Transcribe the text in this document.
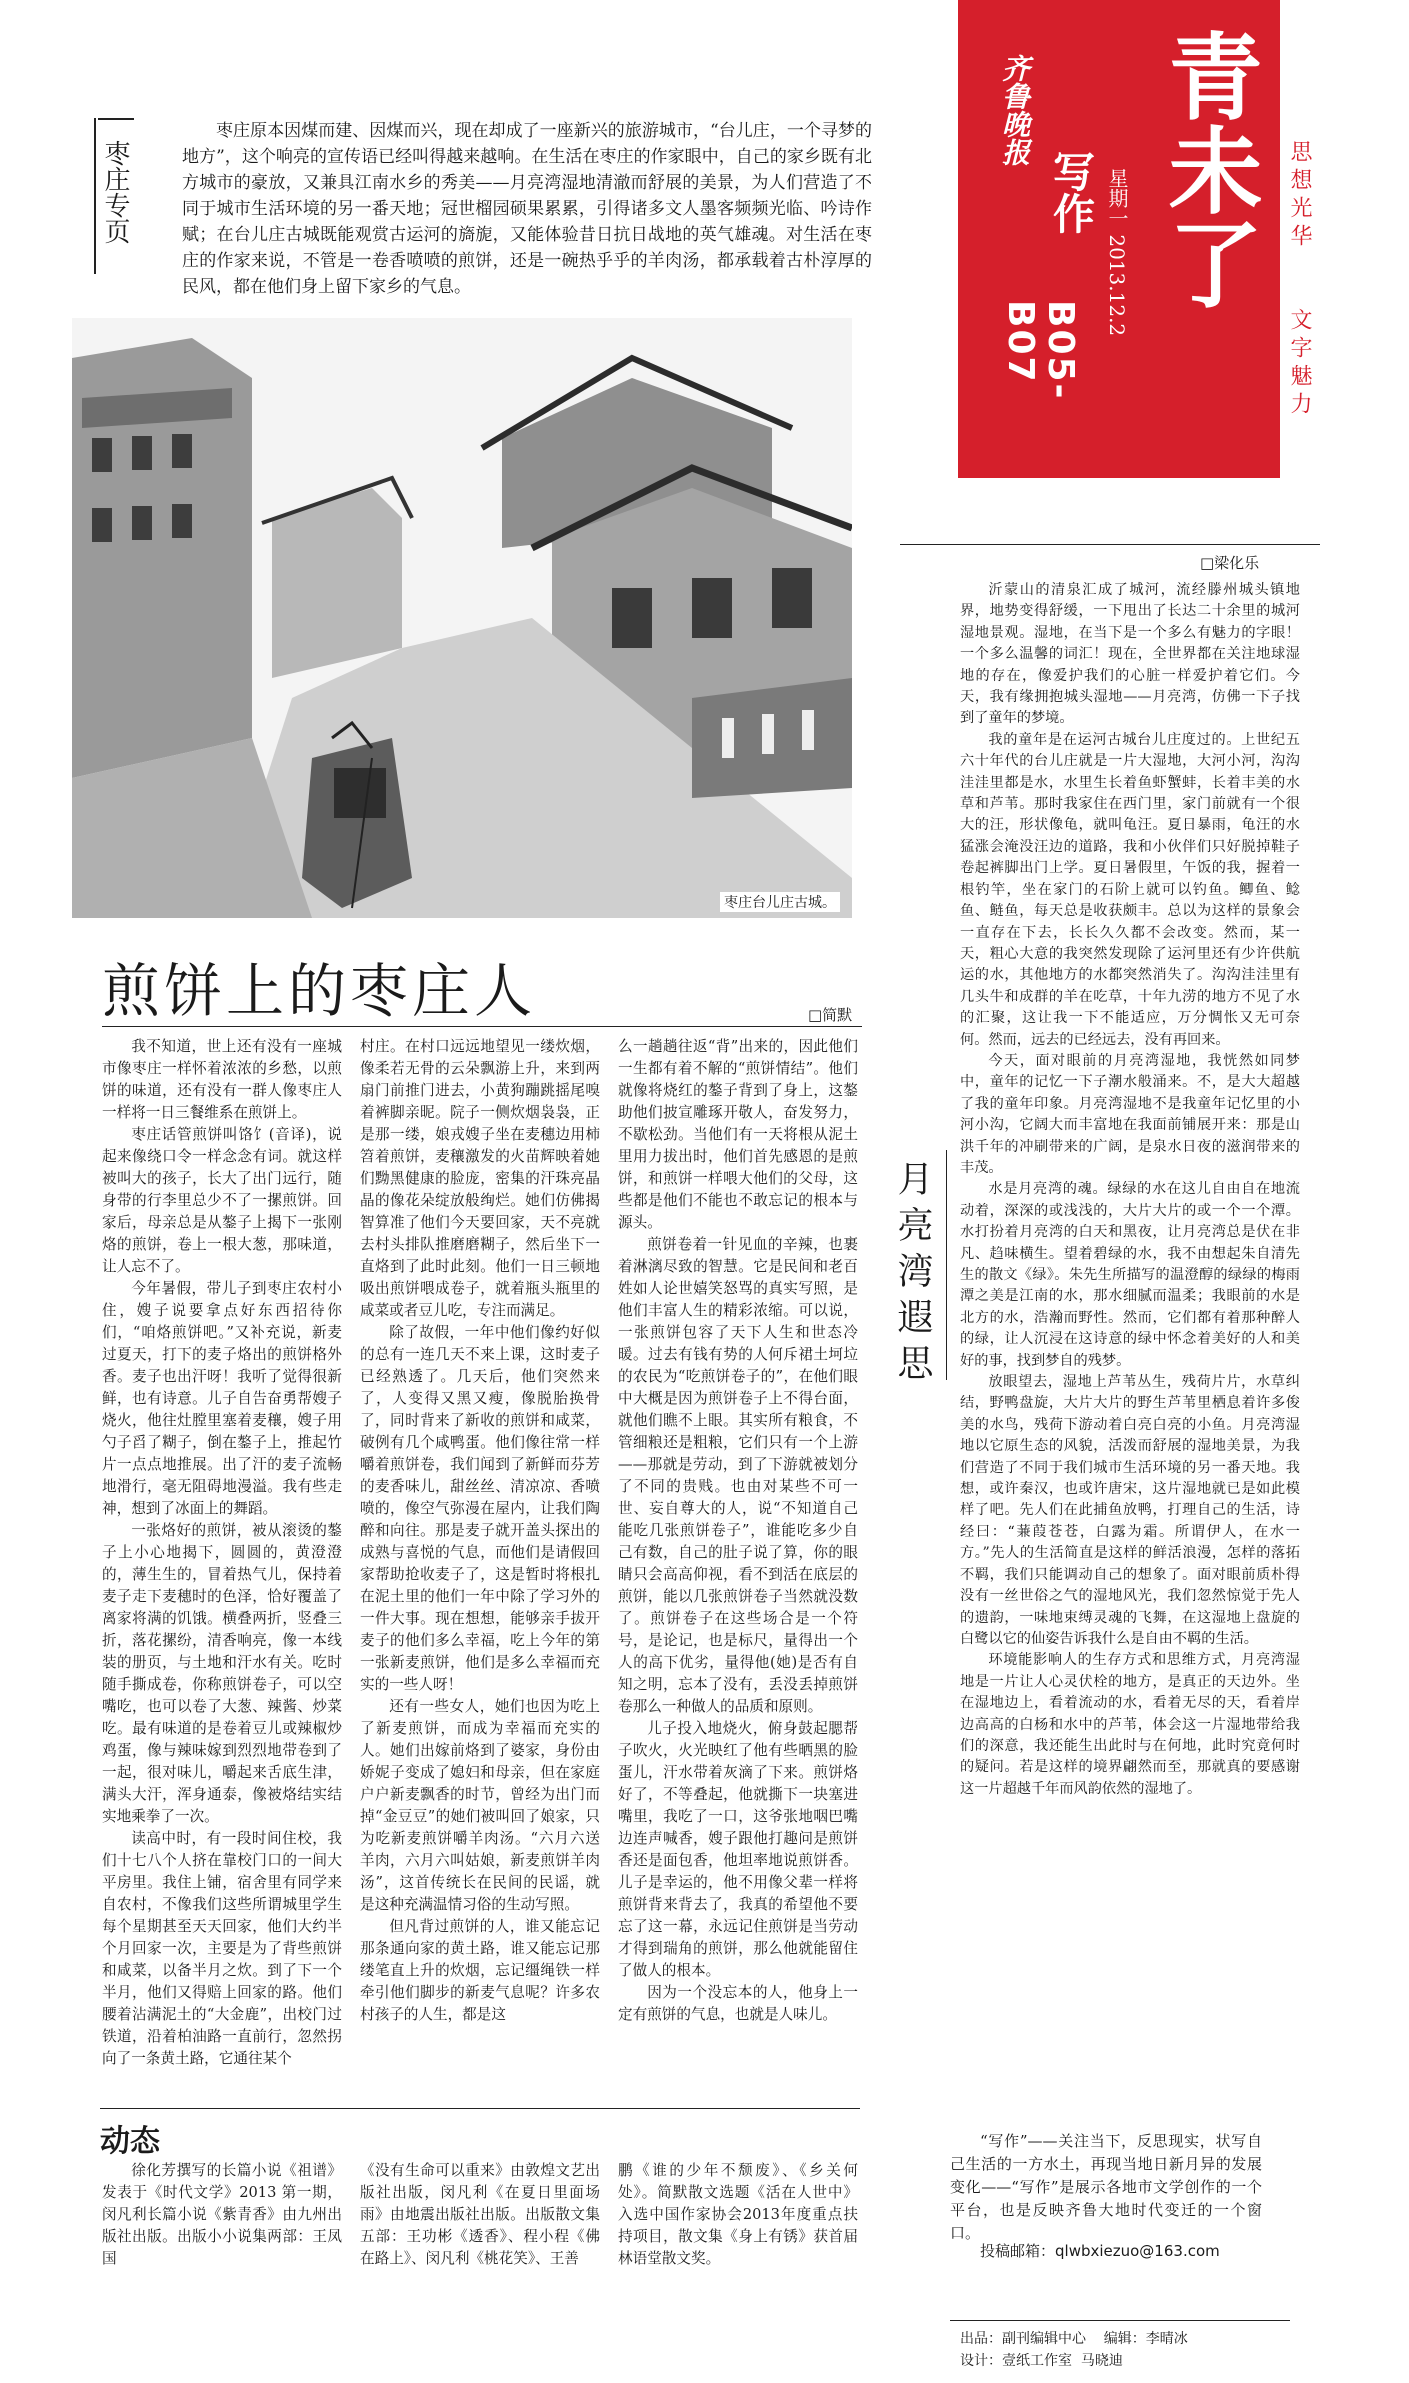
青未了
齐鲁晚报
写作 星期一 2013.12.2
B05-B07
思想光华
文字魅力
枣庄专页

枣庄原本因煤而建、因煤而兴，现在却成了一座新兴的旅游城市，“台儿庄，一个寻梦的地方”，这个响亮的宣传语已经叫得越来越响。在生活在枣庄的作家眼中，自己的家乡既有北方城市的豪放，又兼具江南水乡的秀美——月亮湾湿地清澈而舒展的美景，为人们营造了不同于城市生活环境的另一番天地；冠世榴园硕果累累，引得诸多文人墨客频频光临、吟诗作赋；在台儿庄古城既能观赏古运河的旖旎，又能体验昔日抗日战地的英气雄魂。对生活在枣庄的作家来说，不管是一卷香喷喷的煎饼，还是一碗热乎乎的羊肉汤，都承载着古朴淳厚的民风，都在他们身上留下家乡的气息。

枣庄台儿庄古城。
煎饼上的枣庄人	□简默

我不知道，世上还有没有一座城市像枣庄一样怀着浓浓的乡愁，以煎饼的味道，还有没有一群人像枣庄人一样将一日三餐维系在煎饼上。

枣庄话管煎饼叫饹饣(音译)，说起来像绕口令一样念念有词。就这样被叫大的孩子，长大了出门远行，随身带的行李里总少不了一摞煎饼。回家后，母亲总是从鏊子上揭下一张刚烙的煎饼，卷上一根大葱，那味道，让人忘不了。

今年暑假，带儿子到枣庄农村小住，嫂子说要拿点好东西招待你们，“咱烙煎饼吧。”又补充说，新麦过夏天，打下的麦子烙出的煎饼格外香。麦子也出汗呀！我听了觉得很新鲜，也有诗意。儿子自告奋勇帮嫂子烧火，他往灶膛里塞着麦穰，嫂子用勺子舀了糊子，倒在鏊子上，推起竹片一点点地推展。出了汗的麦子流畅地滑行，毫无阻碍地漫溢。我有些走神，想到了冰面上的舞蹈。

一张烙好的煎饼，被从滚烫的鏊子上小心地揭下，圆圆的，黄澄澄的，薄生生的，冒着热气儿，保持着麦子走下麦穗时的色泽，恰好覆盖了离家将满的饥饿。横叠两折，竖叠三折，落花摞纷，清香响亮，像一本线装的册页，与土地和汗水有关。吃时随手撕成卷，你称煎饼卷子，可以空嘴吃，也可以卷了大葱、辣酱、炒菜吃。最有味道的是卷着豆儿或辣椒炒鸡蛋，像与辣味嫁到烈烈地带卷到了一起，很对味儿，嚼起来舌底生津，满头大汗，浑身通泰，像被烙结实结实地乘拳了一次。

读高中时，有一段时间住校，我们十七八个人挤在靠校门口的一间大平房里。我住上铺，宿舍里有同学来自农村，不像我们这些所谓城里学生每个星期甚至天天回家，他们大约半个月回家一次，主要是为了背些煎饼和咸菜，以备半月之炊。到了下一个半月，他们又得赔上回家的路。他们腰着沾满泥土的“大金鹿”，出校门过铁道，沿着柏油路一直前行，忽然拐向了一条黄土路，它通往某个

村庄。在村口远远地望见一缕炊烟，像柔若无骨的云朵飘游上升，来到两扇门前推门进去，小黄狗蹦跳摇尾嗅着裤脚亲昵。院子一侧炊烟袅袅，正是那一缕，娘戎嫂子坐在麦穗边用柿笤着煎饼，麦穰激发的火苗辉映着她们黝黑健康的脸庞，密集的汗珠亮晶晶的像花朵绽放般绚烂。她们仿佛揭智算准了他们今天要回家，天不亮就去村头排队推磨磨糊子，然后坐下一直烙到了此时此刻。他们一日三顿地吸出煎饼喂成卷子，就着瓶头瓶里的咸菜或者豆儿吃，专注而满足。

除了故假，一年中他们像约好似的总有一连几天不来上课，这时麦子已经熟透了。几天后，他们突然来了，人变得又黑又瘦，像脱胎换骨了，同时背来了新收的煎饼和咸菜，破例有几个咸鸭蛋。他们像往常一样嚼着煎饼卷，我们闻到了新鲜而芬芳的麦香味儿，甜丝丝、清凉凉、香喷喷的，像空气弥漫在屋内，让我们陶醉和向往。那是麦子就开盖头探出的成熟与喜悦的气息，而他们是请假回家帮助抢收麦子了，这是暂时将根扎在泥土里的他们一年中除了学习外的一件大事。现在想想，能够亲手拔开麦子的他们多么幸福，吃上今年的第一张新麦煎饼，他们是多么幸福而充实的一些人呀！

还有一些女人，她们也因为吃上了新麦煎饼，而成为幸福而充实的人。她们出嫁前烙到了婆家，身份由娇妮子变成了媳妇和母亲，但在家庭户户新麦飘香的时节，曾经为出门而掉“金豆豆”的她们被叫回了娘家，只为吃新麦煎饼嚼羊肉汤。“六月六送羊肉，六月六叫姑娘，新麦煎饼羊肉汤”，这首传统长在民间的民谣，就是这种充满温情习俗的生动写照。

但凡背过煎饼的人，谁又能忘记那条通向家的黄土路，谁又能忘记那缕笔直上升的炊烟，忘记缰绳铁一样牵引他们脚步的新麦气息呢？许多农村孩子的人生，都是这

么一趟趟往返“背”出来的，因此他们一生都有着不解的“煎饼情结”。他们就像将烧红的鏊子背到了身上，这鏊助他们披宣雕琢开敬人，奋发努力，不歇松劲。当他们有一天将根从泥土里用力拔出时，他们首先感恩的是煎饼，和煎饼一样喂大他们的父母，这些都是他们不能也不敢忘记的根本与源头。

煎饼卷着一针见血的辛辣，也裹着淋漓尽致的智慧。它是民间和老百姓如人论世嬉笑怒骂的真实写照，是他们丰富人生的精彩浓缩。可以说，一张煎饼包容了天下人生和世态冷暖。过去有钱有势的人何斥裙土坷垃的农民为“吃煎饼卷子的”，在他们眼中大概是因为煎饼卷子上不得台面，就他们瞧不上眼。其实所有粮食，不管细粮还是粗粮，它们只有一个上游——那就是劳动，到了下游就被划分了不同的贵贱。也由对某些不可一世、妄自尊大的人，说“不知道自己能吃几张煎饼卷子”，谁能吃多少自己有数，自己的肚子说了算，你的眼睛只会高高仰视，看不到活在底层的煎饼，能以几张煎饼卷子当然就没数了。煎饼卷子在这些场合是一个符号，是论记，也是标尺，量得出一个人的高下优劣，量得他(她)是否有自知之明，忘本了没有，丢没丢掉煎饼卷那么一种做人的品质和原则。

儿子投入地烧火，俯身鼓起腮帮子吹火，火光映红了他有些晒黑的脸蛋儿，汗水带着灰滴了下来。煎饼烙好了，不等叠起，他就撕下一块塞进嘴里，我吃了一口，这爷张地咽巴嘴边连声喊香，嫂子跟他打趣问是煎饼香还是面包香，他坦率地说煎饼香。儿子是幸运的，他不用像父辈一样将煎饼背来背去了，我真的希望他不要忘了这一幕，永远记住煎饼是当劳动才得到瑞角的煎饼，那么他就能留住了做人的根本。

因为一个没忘本的人，他身上一定有煎饼的气息，也就是人味儿。

□梁化乐
月亮湾遐思

沂蒙山的清泉汇成了城河，流经滕州城头镇地界，地势变得舒缓，一下甩出了长达二十余里的城河湿地景观。湿地，在当下是一个多么有魅力的字眼！一个多么温馨的词汇！现在，全世界都在关注地球湿地的存在，像爱护我们的心脏一样爱护着它们。今天，我有缘拥抱城头湿地——月亮湾，仿佛一下子找到了童年的梦境。

我的童年是在运河古城台儿庄度过的。上世纪五六十年代的台儿庄就是一片大湿地，大河小河，沟沟洼洼里都是水，水里生长着鱼虾蟹蚌，长着丰美的水草和芦苇。那时我家住在西门里，家门前就有一个很大的汪，形状像龟，就叫龟汪。夏日暴雨，龟汪的水猛涨会淹没汪边的道路，我和小伙伴们只好脱掉鞋子卷起裤脚出门上学。夏日暑假里，午饭的我，握着一根钓竿，坐在家门的石阶上就可以钓鱼。鲫鱼、鲶鱼、鲢鱼，每天总是收获颇丰。总以为这样的景象会一直存在下去，长长久久都不会改变。然而，某一天，粗心大意的我突然发现除了运河里还有少许供航运的水，其他地方的水都突然消失了。沟沟洼洼里有几头牛和成群的羊在吃草，十年九涝的地方不见了水的汇聚，这让我一下不能适应，万分惆怅又无可奈何。然而，远去的已经远去，没有再回来。

今天，面对眼前的月亮湾湿地，我恍然如同梦中，童年的记忆一下子潮水般涌来。不，是大大超越了我的童年印象。月亮湾湿地不是我童年记忆里的小河小沟，它阔大而丰富地在我面前铺展开来：那是山洪千年的冲刷带来的广阔，是泉水日夜的滋润带来的丰茂。

水是月亮湾的魂。绿绿的水在这儿自由自在地流动着，深深的或浅浅的，大片大片的或一个一个潭。水打扮着月亮湾的白天和黑夜，让月亮湾总是伏在非凡、趋味横生。望着碧绿的水，我不由想起朱自清先生的散文《绿》。朱先生所描写的温澄醇的绿绿的梅雨潭之美是江南的水，那水细腻而温柔；我眼前的水是北方的水，浩瀚而野性。然而，它们都有着那种醉人的绿，让人沉浸在这诗意的绿中怀念着美好的人和美好的事，找到梦自的残梦。

放眼望去，湿地上芦苇丛生，残荷片片，水草纠结，野鸭盘旋，大片大片的野生芦苇里栖息着许多俊美的水鸟，残荷下游动着白亮白亮的小鱼。月亮湾湿地以它原生态的风貌，活泼而舒展的湿地美景，为我们营造了不同于我们城市生活环境的另一番天地。我想，或许秦汉，也或许唐宋，这片湿地就已是如此模样了吧。先人们在此捕鱼放鸭，打理自己的生活，诗经曰：“蒹葭苍苍，白露为霜。所谓伊人，在水一方。”先人的生活简直是这样的鲜活浪漫，怎样的落拓不羁，我们只能调动自己的想象了。面对眼前质朴得没有一丝世俗之气的湿地风光，我们忽然惊觉于先人的遗韵，一味地束缚灵魂的飞舞，在这湿地上盘旋的白鹭以它的仙姿告诉我什么是自由不羁的生活。

环境能影响人的生存方式和思维方式，月亮湾湿地是一片让人心灵伏栓的地方，是真正的天边外。坐在湿地边上，看着流动的水，看着无尽的天，看着岸边高高的白杨和水中的芦苇，体会这一片湿地带给我们的深意，我还能生出此时与在何地，此时究竟何时的疑问。若是这样的境界翩然而至，那就真的要感谢这一片超越千年而风韵依然的湿地了。

动态

徐化芳撰写的长篇小说《祖谱》发表于《时代文学》2013 第一期，闵凡利长篇小说《紫青香》由九州出版社出版。出版小小说集两部：王凤国

《没有生命可以重来》由敦煌文艺出版社出版，闵凡利《在夏日里面场雨》由地震出版社出版。出版散文集五部：王功彬《透香》、程小程《佛在路上》、闵凡利《桃花笑》、王善

鹏《谁的少年不颓废》、《乡关何处》。简默散文选题《活在人世中》入选中国作家协会2013年度重点扶持项目，散文集《身上有锈》获首届林语堂散文奖。

“写作”——关注当下，反思现实，状写自己生活的一方水土，再现当地日新月异的发展变化——“写作”是展示各地市文学创作的一个平台，也是反映齐鲁大地时代变迁的一个窗口。

投稿邮箱：qlwbxiezuo@163.com
出品：副刊编辑中心    编辑：李晴冰
设计：壹纸工作室  马晓迪
